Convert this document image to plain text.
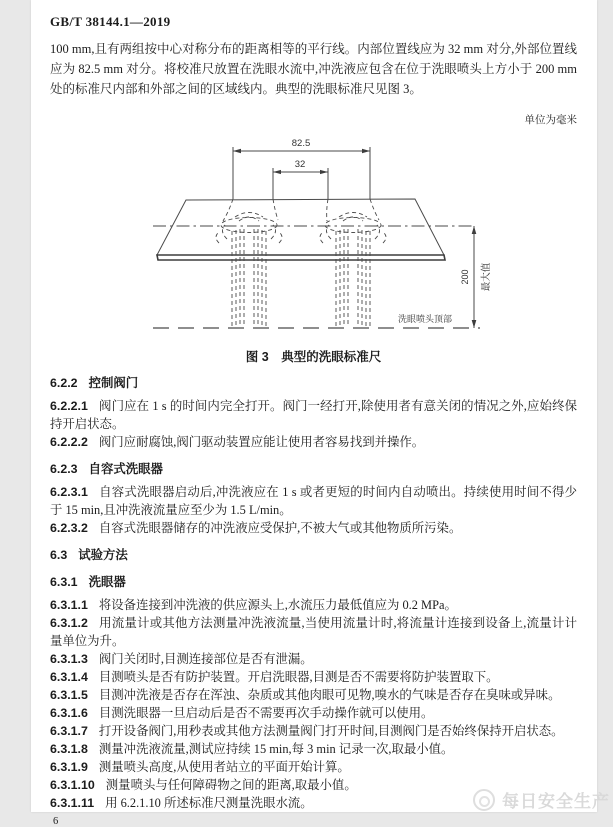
GB/T 38144.1—2019

100 mm,且有两组按中心对称分布的距离相等的平行线。内部位置线应为 32 mm 对分,外部位置线应为 82.5 mm 对分。将校准尺放置在洗眼水流中,冲洗液应包含在位于洗眼喷头上方小于 200 mm 处的标准尺内部和外部之间的区域线内。典型的洗眼标准尺见图 3。

单位为毫米
82.5
32
200 最大值
洗眼喷头顶部
图 3　典型的洗眼标准尺

6.2.2 控制阀门

6.2.2.1 阀门应在 1 s 的时间内完全打开。阀门一经打开,除使用者有意关闭的情况之外,应始终保持开启状态。

6.2.2.2 阀门应耐腐蚀,阀门驱动装置应能让使用者容易找到并操作。

6.2.3 自容式洗眼器

6.2.3.1 自容式洗眼器启动后,冲洗液应在 1 s 或者更短的时间内自动喷出。持续使用时间不得少于 15 min,且冲洗液流量应至少为 1.5 L/min。

6.2.3.2 自容式洗眼器储存的冲洗液应受保护,不被大气或其他物质所污染。

6.3 试验方法

6.3.1 洗眼器

6.3.1.1 将设备连接到冲洗液的供应源头上,水流压力最低值应为 0.2 MPa。

6.3.1.2 用流量计或其他方法测量冲洗液流量,当使用流量计时,将流量计连接到设备上,流量计计量单位为升。

6.3.1.3 阀门关闭时,目测连接部位是否有泄漏。

6.3.1.4 目测喷头是否有防护装置。开启洗眼器,目测是否不需要将防护装置取下。

6.3.1.5 目测冲洗液是否存在浑浊、杂质或其他肉眼可见物,嗅水的气味是否存在臭味或异味。

6.3.1.6 目测洗眼器一旦启动后是否不需要再次手动操作就可以使用。

6.3.1.7 打开设备阀门,用秒表或其他方法测量阀门打开时间,目测阀门是否始终保持开启状态。

6.3.1.8 测量冲洗液流量,测试应持续 15 min,每 3 min 记录一次,取最小值。

6.3.1.9 测量喷头高度,从使用者站立的平面开始计算。

6.3.1.10 测量喷头与任何障碍物之间的距离,取最小值。

6.3.1.11 用 6.2.1.10 所述标准尺测量洗眼水流。

6
每日安全生产
